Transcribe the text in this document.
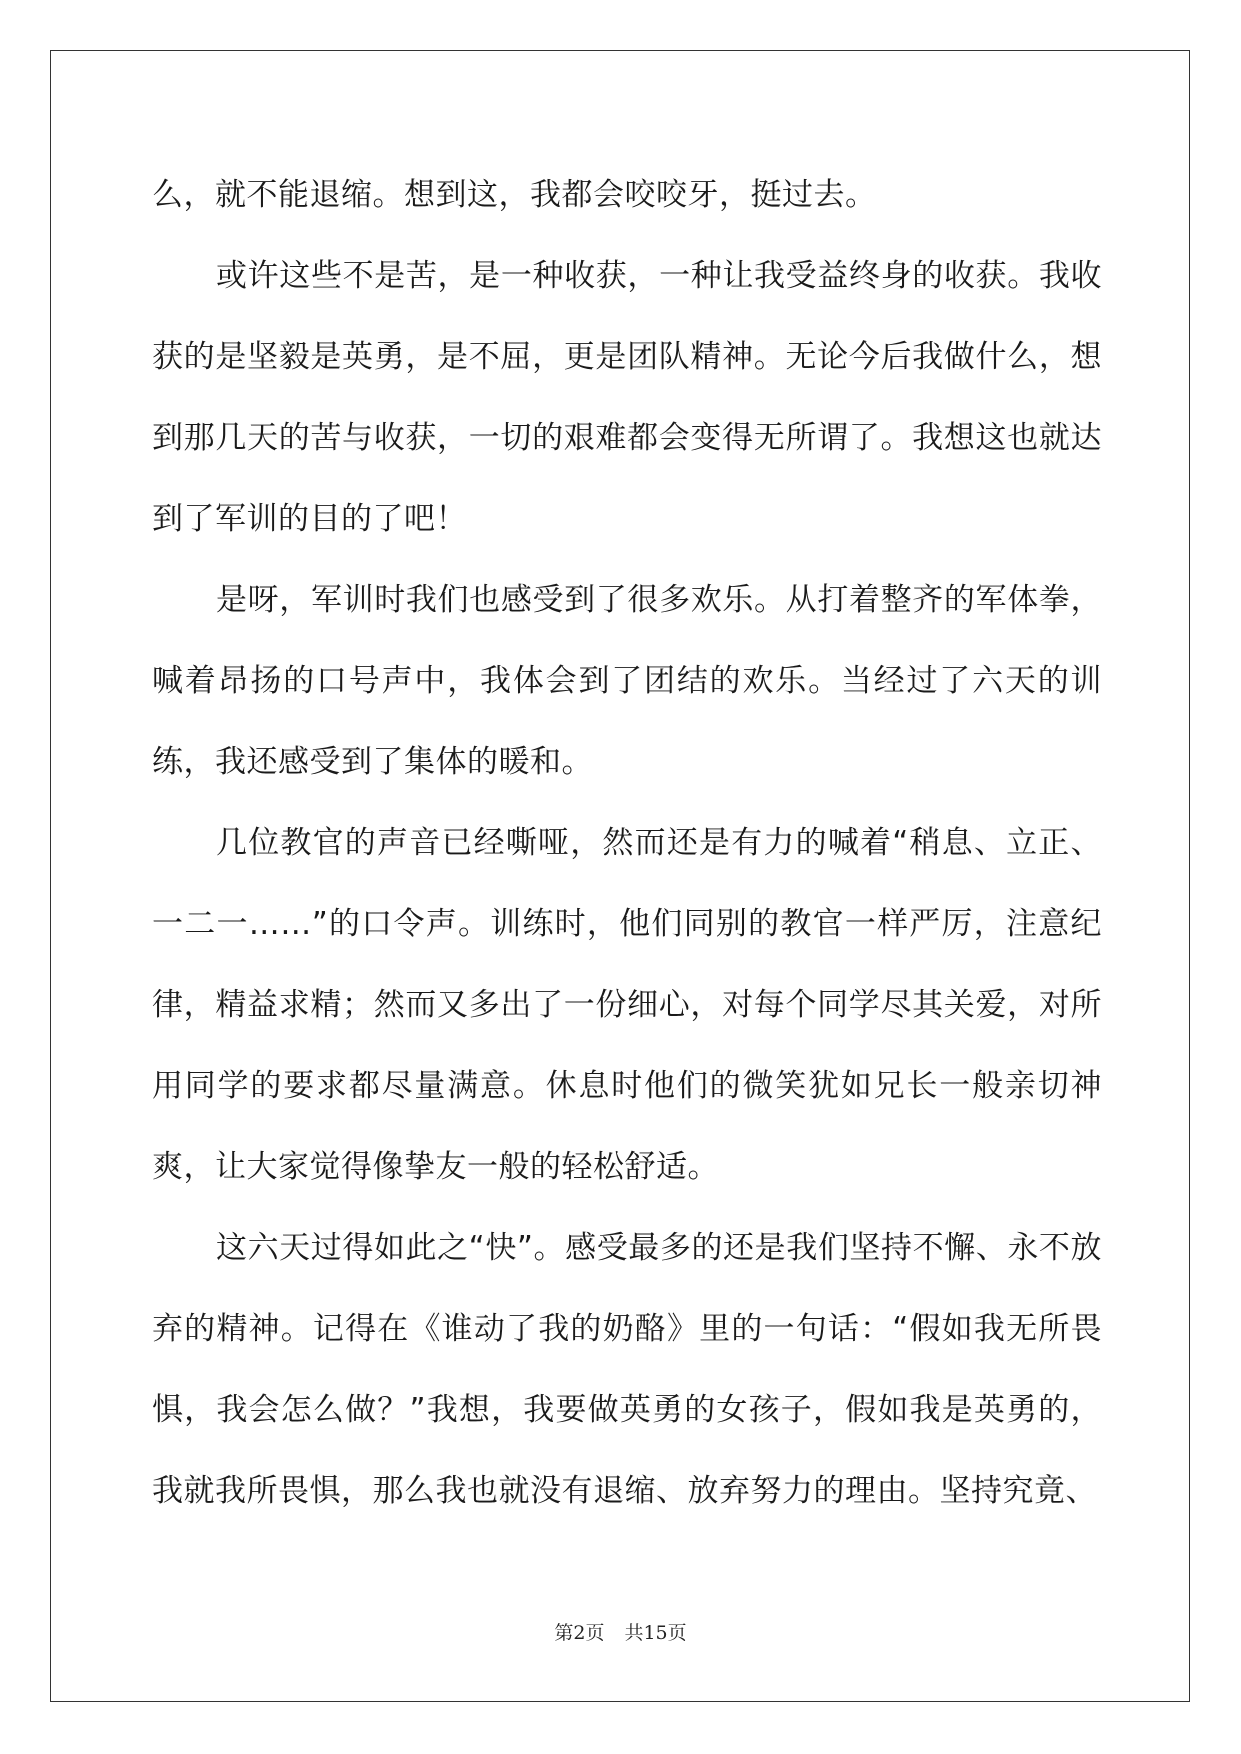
么，就不能退缩。想到这，我都会咬咬牙，挺过去。

或许这些不是苦，是一种收获，一种让我受益终身的收获。我收获的是坚毅是英勇，是不屈，更是团队精神。无论今后我做什么，想到那几天的苦与收获，一切的艰难都会变得无所谓了。我想这也就达到了军训的目的了吧！

是呀，军训时我们也感受到了很多欢乐。从打着整齐的军体拳，喊着昂扬的口号声中，我体会到了团结的欢乐。当经过了六天的训练，我还感受到了集体的暖和。

几位教官的声音已经嘶哑，然而还是有力的喊着“稍息、立正、一二一……”的口令声。训练时，他们同别的教官一样严厉，注意纪律，精益求精；然而又多出了一份细心，对每个同学尽其关爱，对所用同学的要求都尽量满意。休息时他们的微笑犹如兄长一般亲切神爽，让大家觉得像挚友一般的轻松舒适。

这六天过得如此之“快”。感受最多的还是我们坚持不懈、永不放弃的精神。记得在《谁动了我的奶酪》里的一句话：“假如我无所畏惧，我会怎么做？”我想，我要做英勇的女孩子，假如我是英勇的，我就我所畏惧，那么我也就没有退缩、放弃努力的理由。坚持究竟、

第2页 共15页
